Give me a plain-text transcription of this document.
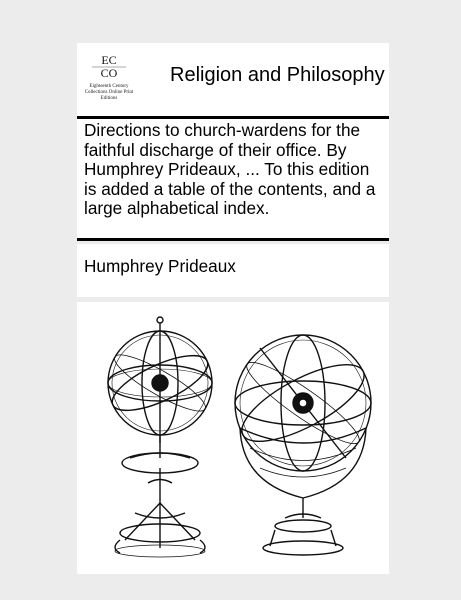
EC
CO
Eighteenth Century Collections Online Print Editions
Religion and Philosophy
Directions to church-wardens for the faithful discharge of their office. By Humphrey Prideaux, ... To this edition is added a table of the contents, and a large alphabetical index.
Humphrey Prideaux
